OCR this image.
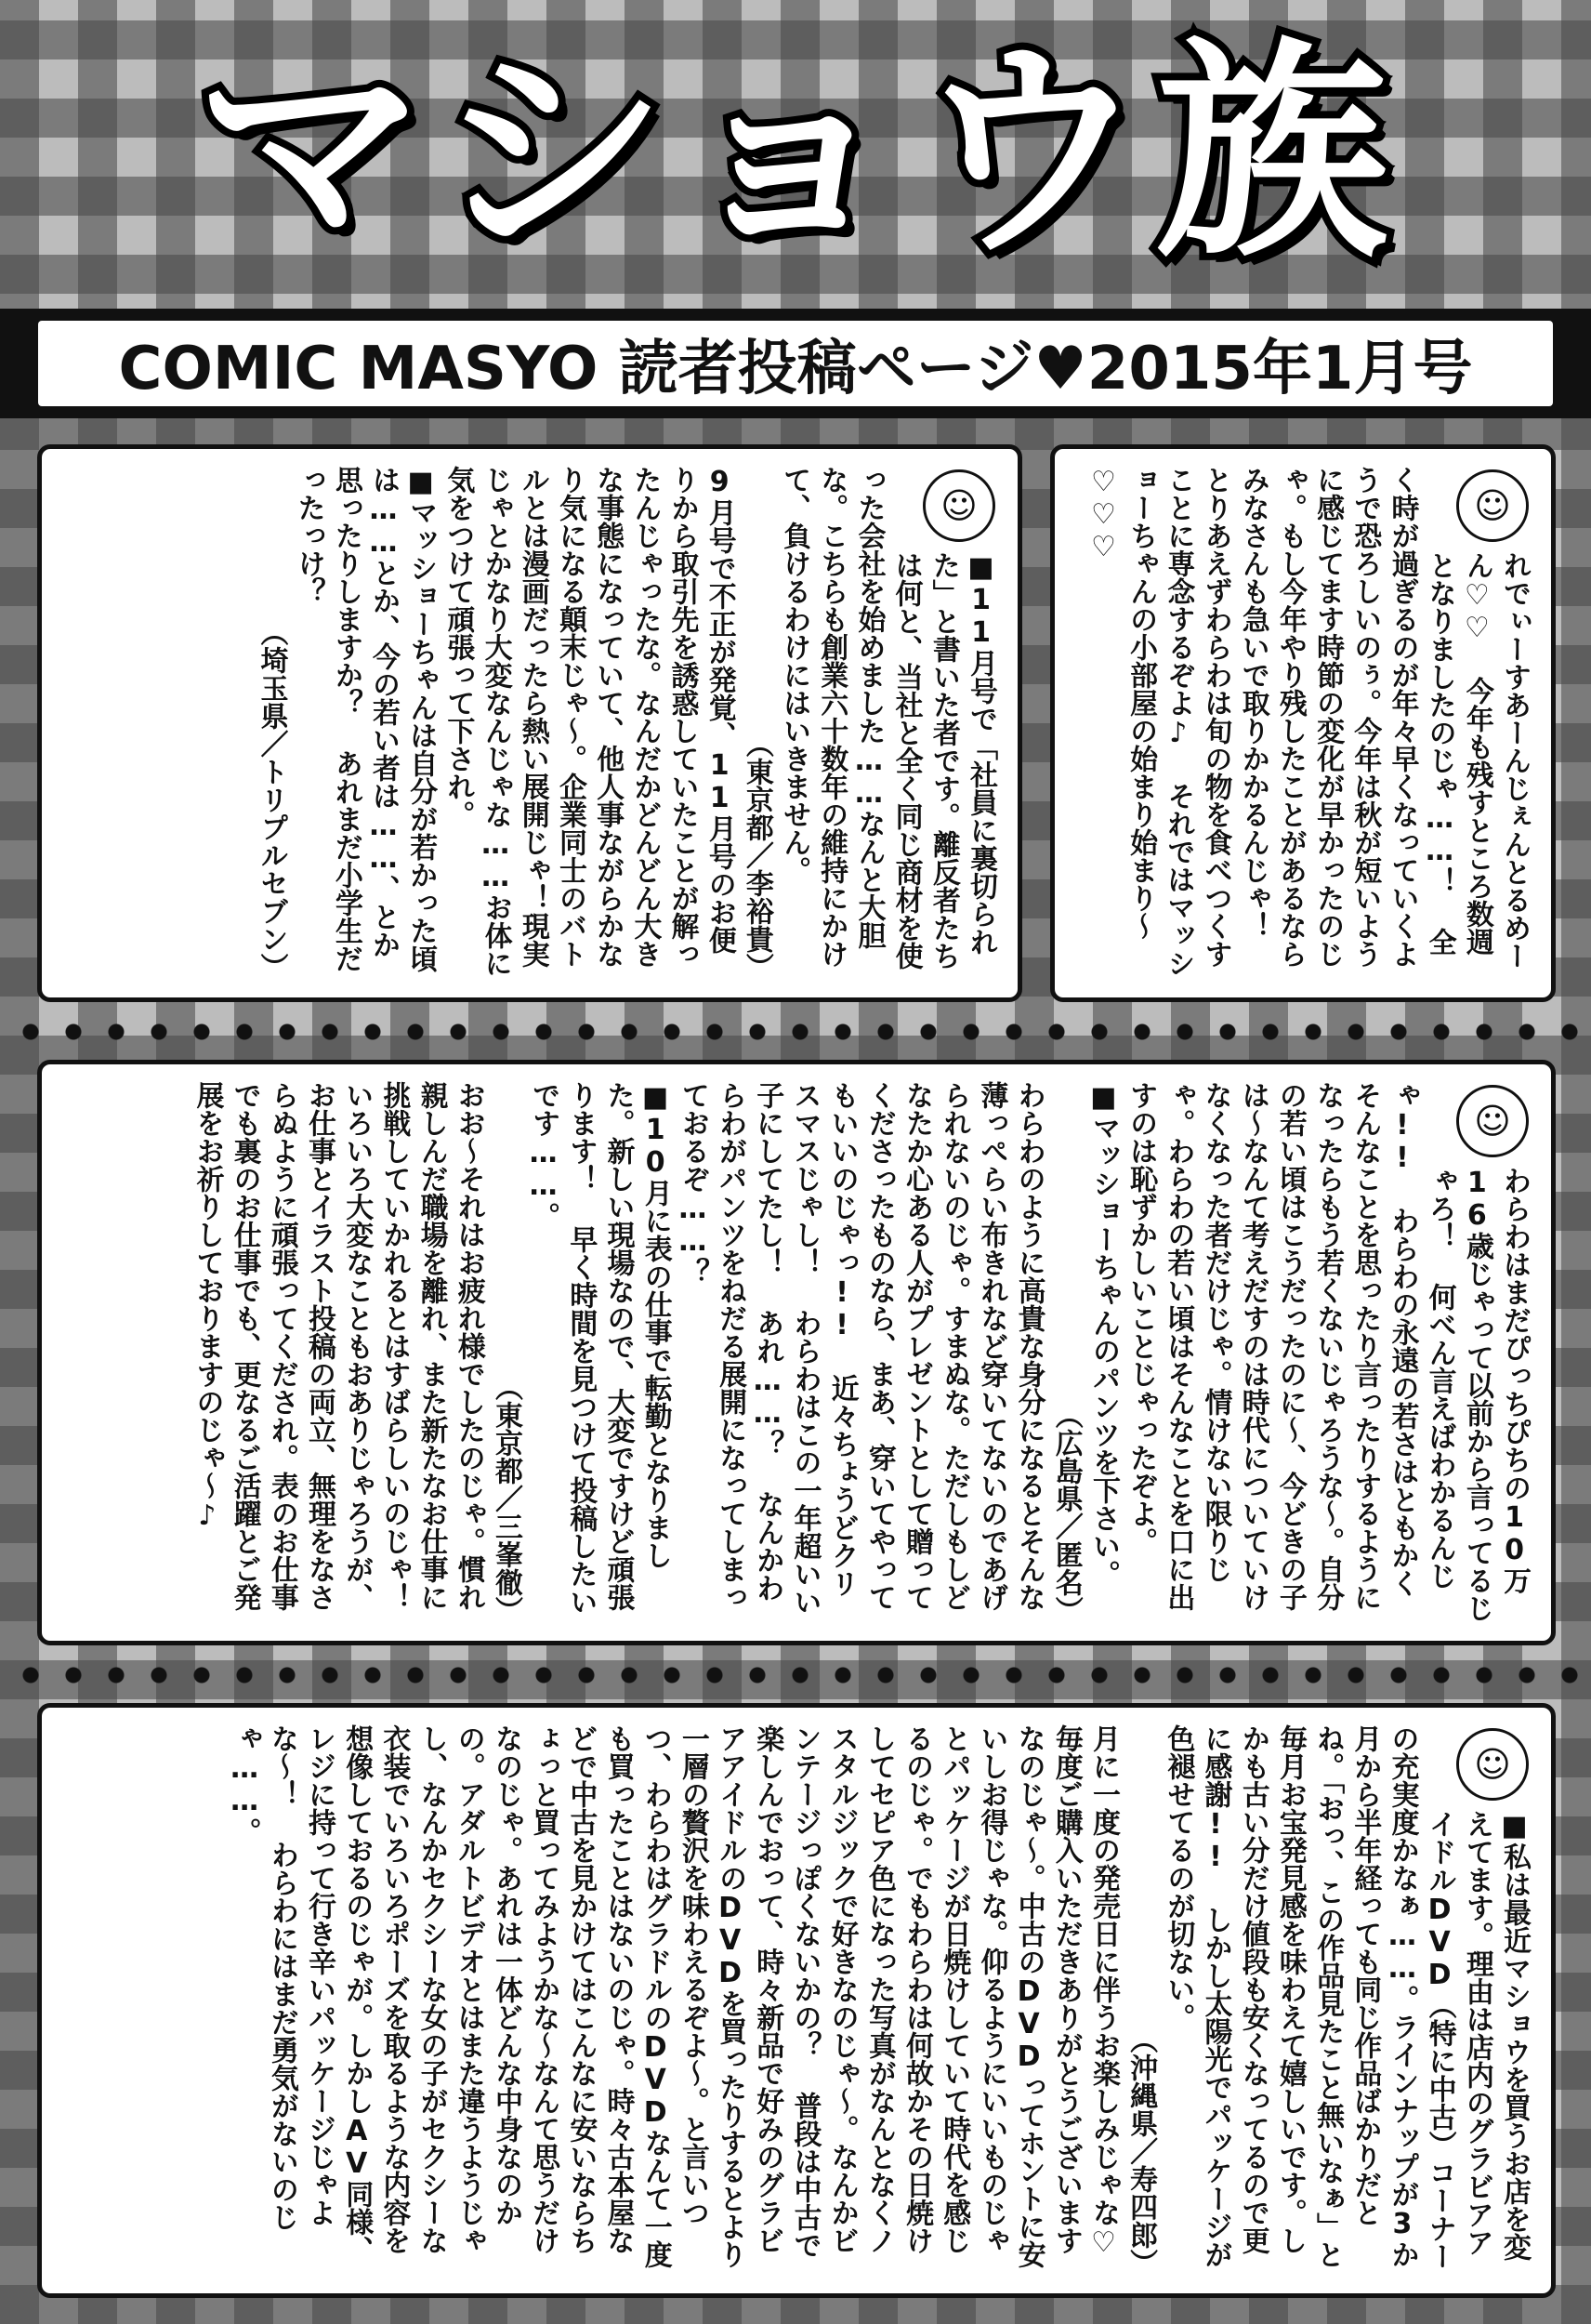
マショウ族
COMIC MASYO 読者投稿ページ♥2015年1月号
☺

れでぃーすあーんじぇんとるめーん♡♡ 今年も残すところ数週となりましたのじゃ……！ 全く時が過ぎるのが年々早くなっていくようで恐ろしいのぅ。今年は秋が短いように感じてます時節の変化が早かったのじゃ。もし今年やり残したことがあるならみなさんも急いで取りかかるんじゃ！ とりあえずわらわは旬の物を食べつくすことに専念するぞよ♪ それではマッショーちゃんの小部屋の始まり始まり〜♡♡♡

☺

■11月号で「社員に裏切られた」と書いた者です。離反者たちは何と、当社と全く同じ商材を使った会社を始めました……なんと大胆な。こちらも創業六十数年の維持にかけて、負けるわけにはいきません。
（東京都／李裕貴）

9月号で不正が発覚、11月号のお便りから取引先を誘惑していたことが解ったんじゃったな。なんだかどんどん大きな事態になっていて、他人事ながらかなり気になる顛末じゃ〜。企業同士のバトルとは漫画だったら熱い展開じゃ！現実じゃとかなり大変なんじゃな……お体に気をつけて頑張って下され。

■マッショーちゃんは自分が若かった頃は……とか、今の若い者は……、とか思ったりしますか？ あれまだ小学生だったっけ？
（埼玉県／トリプルセブン）

☺

わらわはまだぴっちぴちの10万16歳じゃって以前から言ってるじゃろ！ 何べん言えばわかるんじゃ!! わらわの永遠の若さはともかくそんなことを思ったり言ったりするようになったらもう若くないじゃろうな〜。自分の若い頃はこうだったのに〜、今どきの子は〜なんて考えだすのは時代についていけなくなった者だけじゃ。情けない限りじゃ。わらわの若い頃はそんなことを口に出すのは恥ずかしいことじゃったぞよ。

■マッショーちゃんのパンツを下さい。
（広島県／匿名）

わらわのように高貴な身分になるとそんな薄っぺらい布きれなど穿いてないのであげられないのじゃ。すまぬな。ただしもしどなたか心ある人がプレゼントとして贈ってくださったものなら、まあ、穿いてやってもいいのじゃっ!! 近々ちょうどクリスマスじゃし！ わらわはこの一年超いい子にしてたし！ あれ……？ なんかわらわがパンツをねだる展開になってしまっておるぞ……？

■10月に表の仕事で転勤となりました。新しい現場なので、大変ですけど頑張ります！ 早く時間を見つけて投稿したいです……。
（東京都／三峯徹）

おお〜それはお疲れ様でしたのじゃ。慣れ親しんだ職場を離れ、また新たなお仕事に挑戦していかれるとはすばらしいのじゃ！ いろいろ大変なこともおありじゃろうが、お仕事とイラスト投稿の両立、無理をなさらぬように頑張ってくだされ。表のお仕事でも裏のお仕事でも、更なるご活躍とご発展をお祈りしておりますのじゃ〜♪

☺

■私は最近マショウを買うお店を変えてます。理由は店内のグラビアアイドルDVD（特に中古）コーナーの充実度かなぁ……。ラインナップが3か月から半年経っても同じ作品ばかりだとね。「おっ、この作品見たこと無いなぁ」と毎月お宝発見感を味わえて嬉しいです。しかも古い分だけ値段も安くなってるので更に感謝!! しかし太陽光でパッケージが色褪せてるのが切ない。
（沖縄県／寿四郎）

月に一度の発売日に伴うお楽しみじゃな♡ 毎度ご購入いただきありがとうございますなのじゃ〜。中古のDVDってホントに安いしお得じゃな。仰るようにいいものじゃとパッケージが日焼けしていて時代を感じるのじゃ。でもわらわは何故かその日焼けしてセピア色になった写真がなんとなくノスタルジックで好きなのじゃ〜。なんかビンテージっぽくないかの？ 普段は中古で楽しんでおって、時々新品で好みのグラビアアイドルのDVDを買ったりするとより一層の贅沢を味わえるぞよ〜。と言いつつ、わらわはグラドルのDVDなんて一度も買ったことはないのじゃ。時々古本屋などで中古を見かけてはこんなに安いならちょっと買ってみようかな〜なんて思うだけなのじゃ。あれは一体どんな中身なのかの。アダルトビデオとはまた違うようじゃし、なんかセクシーな女の子がセクシーな衣装でいろいろポーズを取るような内容を想像しておるのじゃが。しかしAV同様、レジに持って行き辛いパッケージじゃよな〜！ わらわにはまだ勇気がないのじゃ……。
